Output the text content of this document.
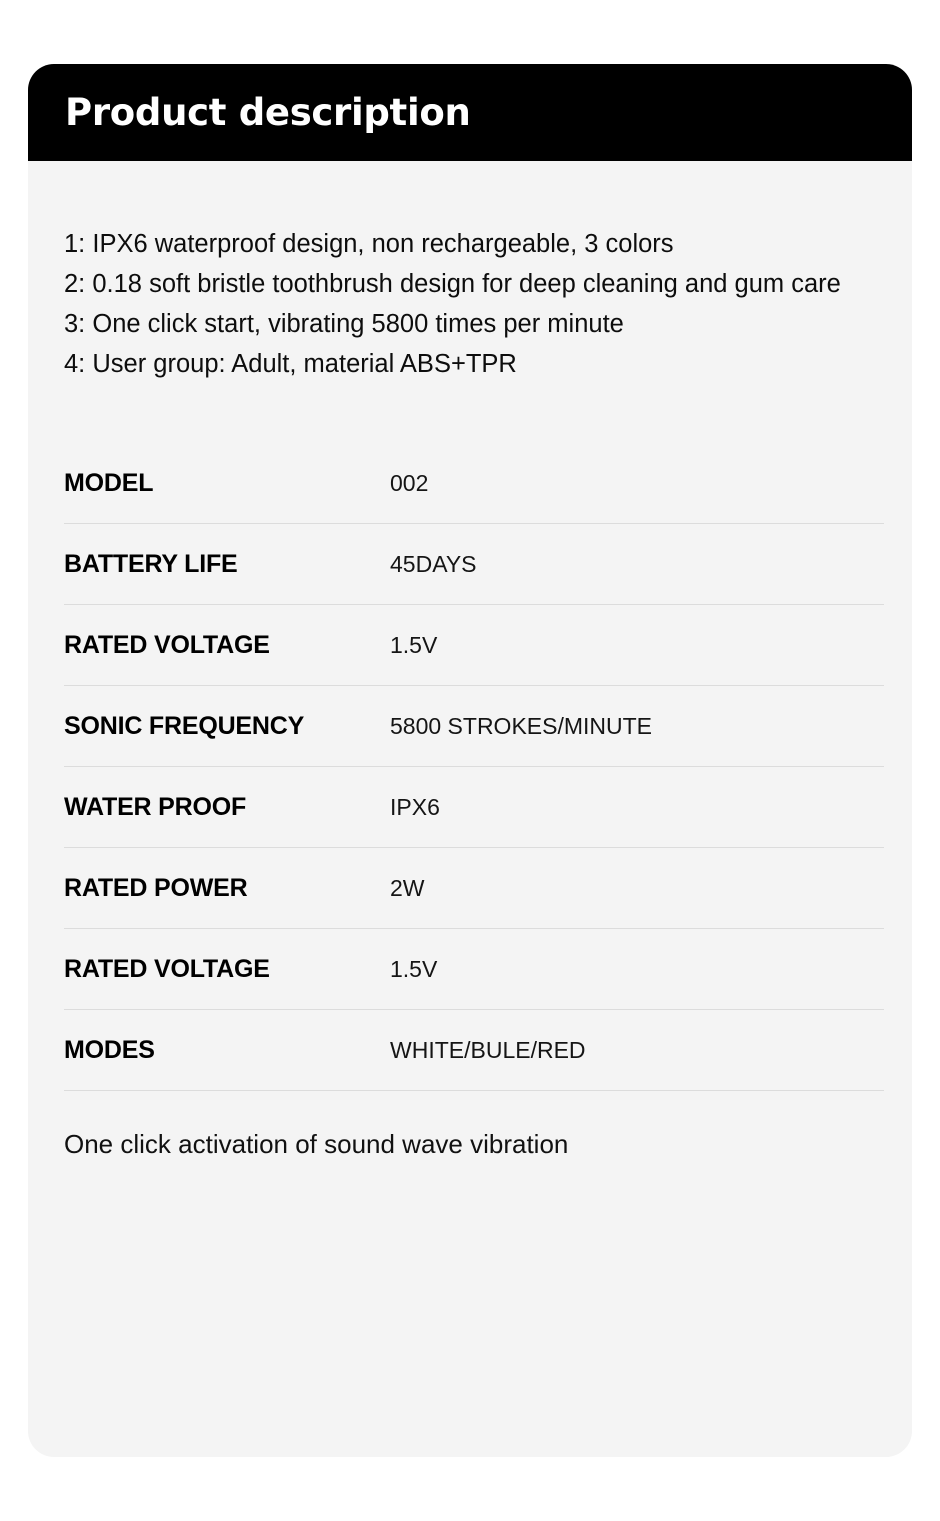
Product description
1: IPX6 waterproof design, non rechargeable, 3 colors
2: 0.18 soft bristle toothbrush design for deep cleaning and gum care
3: One click start, vibrating 5800 times per minute
4: User group: Adult, material ABS+TPR
MODEL	002
BATTERY LIFE	45DAYS
RATED VOLTAGE	1.5V
SONIC FREQUENCY	5800 STROKES/MINUTE
WATER PROOF	IPX6
RATED POWER	2W
RATED VOLTAGE	1.5V
MODES	WHITE/BULE/RED
One click activation of sound wave vibration
